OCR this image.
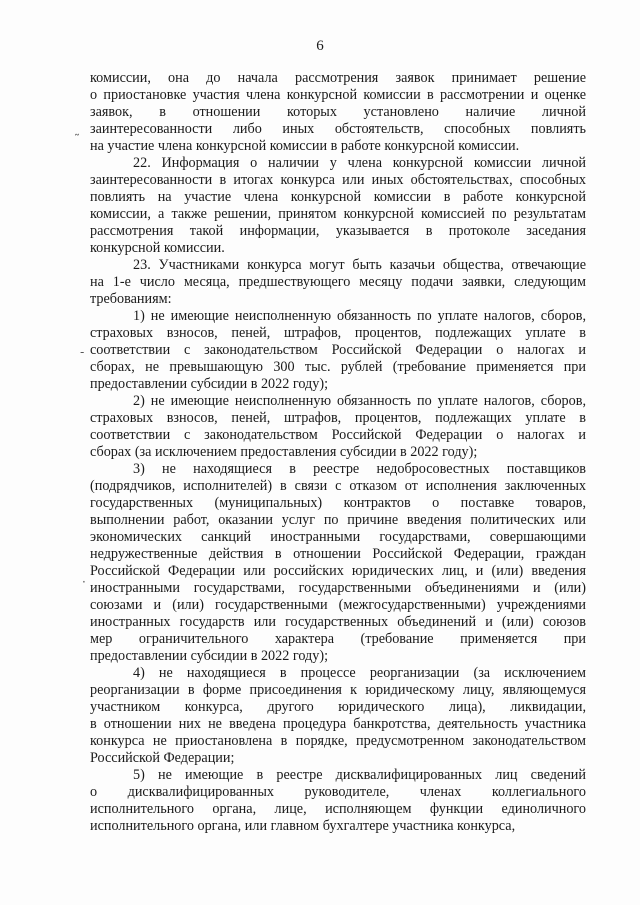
6
˷
-
·
комиссии, она до начала рассмотрения заявок принимает решение
о приостановке участия члена конкурсной комиссии в рассмотрении и оценке
заявок, в отношении которых установлено наличие личной
заинтересованности либо иных обстоятельств, способных повлиять
на участие члена конкурсной комиссии в работе конкурсной комиссии.
22. Информация о наличии у члена конкурсной комиссии личной
заинтересованности в итогах конкурса или иных обстоятельствах, способных
повлиять на участие члена конкурсной комиссии в работе конкурсной
комиссии, а также решении, принятом конкурсной комиссией по результатам
рассмотрения такой информации, указывается в протоколе заседания
конкурсной комиссии.
23. Участниками конкурса могут быть казачьи общества, отвечающие
на 1-е число месяца, предшествующего месяцу подачи заявки, следующим
требованиям:
1) не имеющие неисполненную обязанность по уплате налогов, сборов,
страховых взносов, пеней, штрафов, процентов, подлежащих уплате в
соответствии с законодательством Российской Федерации о налогах и
сборах, не превышающую 300 тыс. рублей (требование применяется при
предоставлении субсидии в 2022 году);
2) не имеющие неисполненную обязанность по уплате налогов, сборов,
страховых взносов, пеней, штрафов, процентов, подлежащих уплате в
соответствии с законодательством Российской Федерации о налогах и
сборах (за исключением предоставления субсидии в 2022 году);
3) не находящиеся в реестре недобросовестных поставщиков
(подрядчиков, исполнителей) в связи с отказом от исполнения заключенных
государственных (муниципальных) контрактов о поставке товаров,
выполнении работ, оказании услуг по причине введения политических или
экономических санкций иностранными государствами, совершающими
недружественные действия в отношении Российской Федерации, граждан
Российской Федерации или российских юридических лиц, и (или) введения
иностранными государствами, государственными объединениями и (или)
союзами и (или) государственными (межгосударственными) учреждениями
иностранных государств или государственных объединений и (или) союзов
мер ограничительного характера (требование применяется при
предоставлении субсидии в 2022 году);
4) не находящиеся в процессе реорганизации (за исключением
реорганизации в форме присоединения к юридическому лицу, являющемуся
участником конкурса, другого юридического лица), ликвидации,
в отношении них не введена процедура банкротства, деятельность участника
конкурса не приостановлена в порядке, предусмотренном законодательством
Российской Федерации;
5) не имеющие в реестре дисквалифицированных лиц сведений
о дисквалифицированных руководителе, членах коллегиального
исполнительного органа, лице, исполняющем функции единоличного
исполнительного органа, или главном бухгалтере участника конкурса,
